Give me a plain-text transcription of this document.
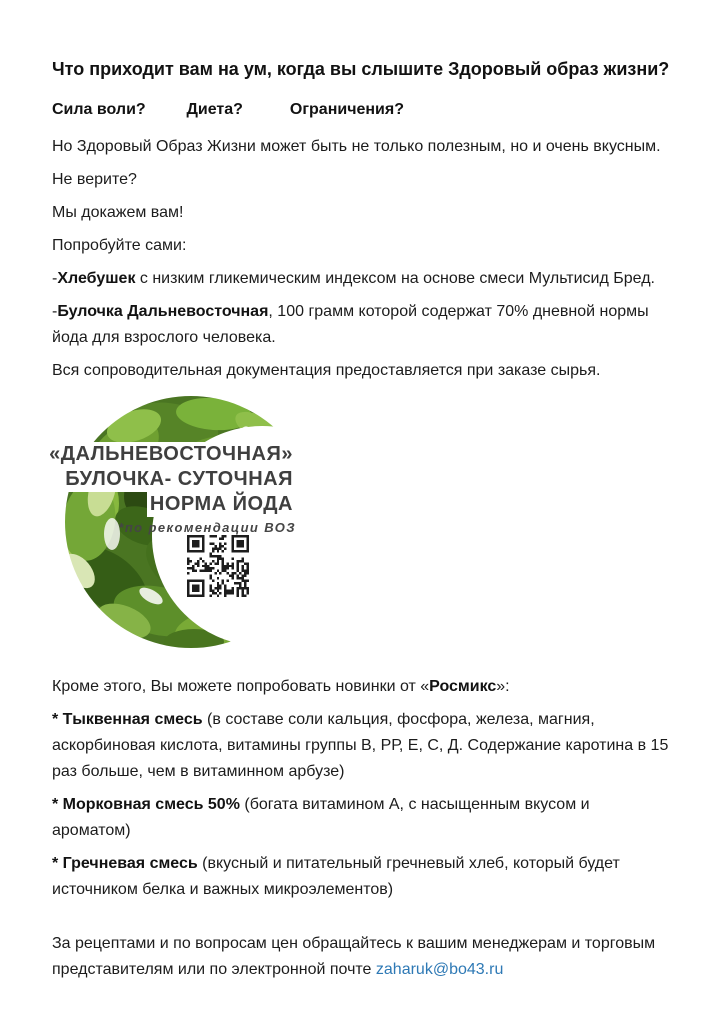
Что приходит вам на ум, когда вы слышите Здоровый образ жизни?

Сила воли?	Диета?	Ограничения?

Но Здоровый Образ Жизни может быть не только полезным, но и очень вкусным.

Не верите?

Мы докажем вам!

Попробуйте сами:

-Хлебушек с низким гликемическим индексом на основе смеси Мультисид Бред.

-Булочка Дальневосточная, 100 грамм которой содержат 70% дневной нормы йода для взрослого человека.

Вся сопроводительная документация предоставляется при заказе сырья.

«ДАЛЬНЕВОСТОЧНАЯ»
БУЛОЧКА- СУТОЧНАЯ
НОРМА ЙОДА
*по рекомендации ВОЗ

Кроме этого, Вы можете попробовать новинки от «Росмикс»:

* Тыквенная смесь (в составе соли кальция, фосфора, железа, магния, аскорбиновая кислота, витамины группы В, РР, Е, С, Д. Содержание каротина в 15 раз больше, чем в витаминном арбузе)

* Морковная смесь 50% (богата витамином А, с насыщенным вкусом и ароматом)

* Гречневая смесь (вкусный и питательный гречневый хлеб, который будет источником белка и важных микроэлементов)

За рецептами и по вопросам цен обращайтесь к вашим менеджерам и торговым представителям или по электронной почте zaharuk@bo43.ru
